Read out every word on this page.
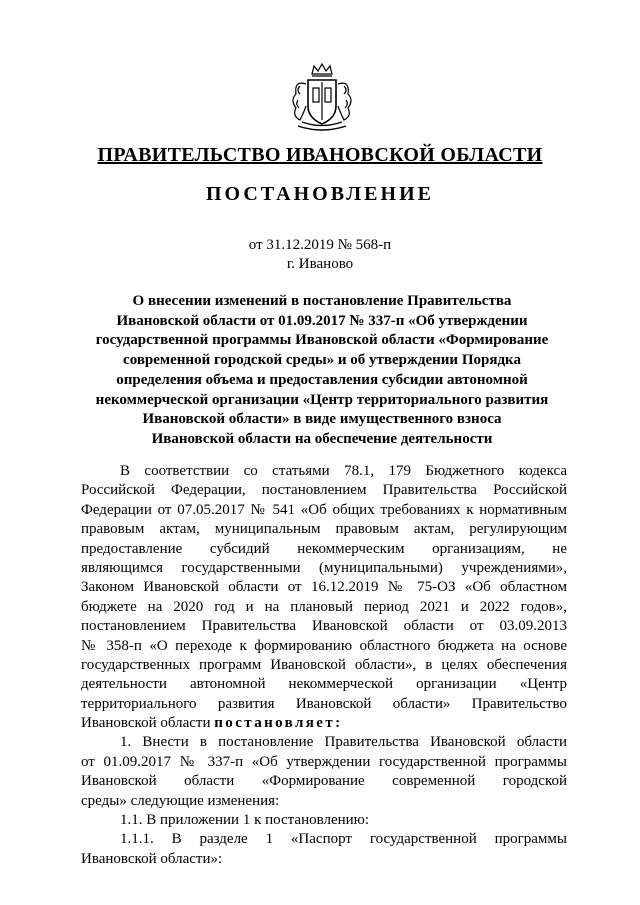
ПРАВИТЕЛЬСТВО ИВАНОВСКОЙ ОБЛАСТИ
ПОСТАНОВЛЕНИЕ
от 31.12.2019 № 568-п
г. Иваново
О внесении изменений в постановление Правительства
Ивановской области от 01.09.2017 № 337-п «Об утверждении
государственной программы Ивановской области «Формирование
современной городской среды» и об утверждении Порядка
определения объема и предоставления субсидии автономной
некоммерческой организации «Центр территориального развития
Ивановской области» в виде имущественного взноса
Ивановской области на обеспечение деятельности
В соответствии со статьями 78.1, 179 Бюджетного кодекса
Российской Федерации, постановлением Правительства Российской
Федерации от 07.05.2017 № 541 «Об общих требованиях к нормативным
правовым актам, муниципальным правовым актам, регулирующим
предоставление субсидий некоммерческим организациям, не
являющимся государственными (муниципальными) учреждениями»,
Законом Ивановской области от 16.12.2019 № 75-ОЗ «Об областном
бюджете на 2020 год и на плановый период 2021 и 2022 годов»,
постановлением Правительства Ивановской области от 03.09.2013
№ 358-п «О переходе к формированию областного бюджета на основе
государственных программ Ивановской области», в целях обеспечения
деятельности автономной некоммерческой организации «Центр
территориального развития Ивановской области» Правительство
Ивановской области постановляет:
1. Внести в постановление Правительства Ивановской области
от 01.09.2017 № 337-п «Об утверждении государственной программы
Ивановской области «Формирование современной городской
среды» следующие изменения:
1.1. В приложении 1 к постановлению:
1.1.1. В разделе 1 «Паспорт государственной программы
Ивановской области»:
